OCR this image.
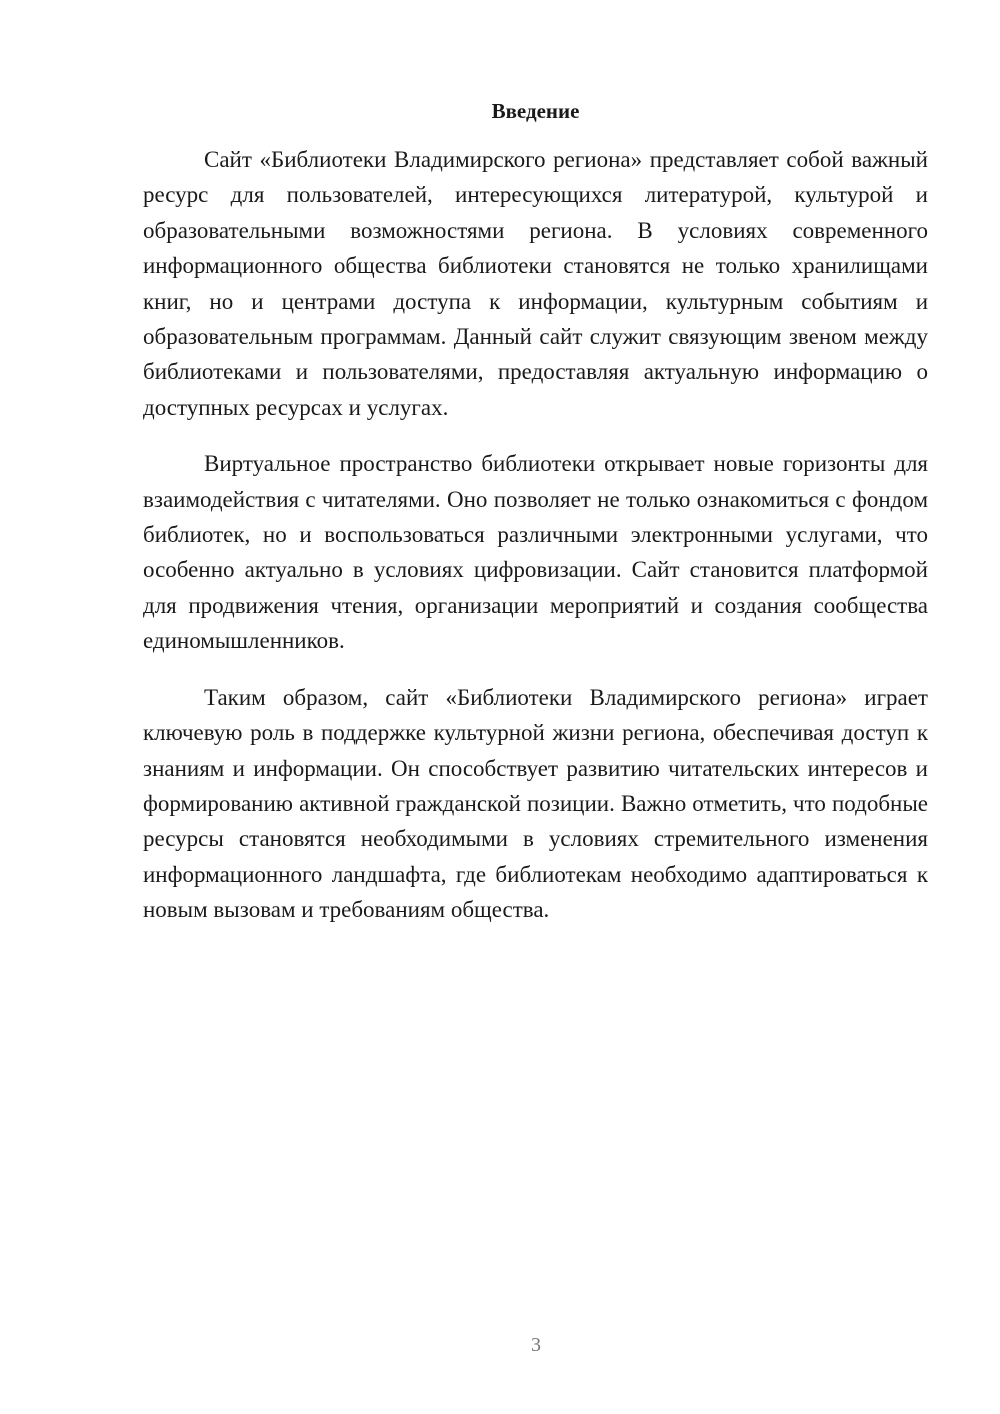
Введение

Сайт «Библиотеки Владимирского региона» представляет собой важный ресурс для пользователей, интересующихся литературой, культурой и образовательными возможностями региона. В условиях современного информационного общества библиотеки становятся не только хранилищами книг, но и центрами доступа к информации, культурным событиям и образовательным программам. Данный сайт служит связующим звеном между библиотеками и пользователями, предоставляя актуальную информацию о доступных ресурсах и услугах.

Виртуальное пространство библиотеки открывает новые горизонты для взаимодействия с читателями. Оно позволяет не только ознакомиться с фондом библиотек, но и воспользоваться различными электронными услугами, что особенно актуально в условиях цифровизации. Сайт становится платформой для продвижения чтения, организации мероприятий и создания сообщества единомышленников.

Таким образом, сайт «Библиотеки Владимирского региона» играет ключевую роль в поддержке культурной жизни региона, обеспечивая доступ к знаниям и информации. Он способствует развитию читательских интересов и формированию активной гражданской позиции. Важно отметить, что подобные ресурсы становятся необходимыми в условиях стремительного изменения информационного ландшафта, где библиотекам необходимо адаптироваться к новым вызовам и требованиям общества.

3
